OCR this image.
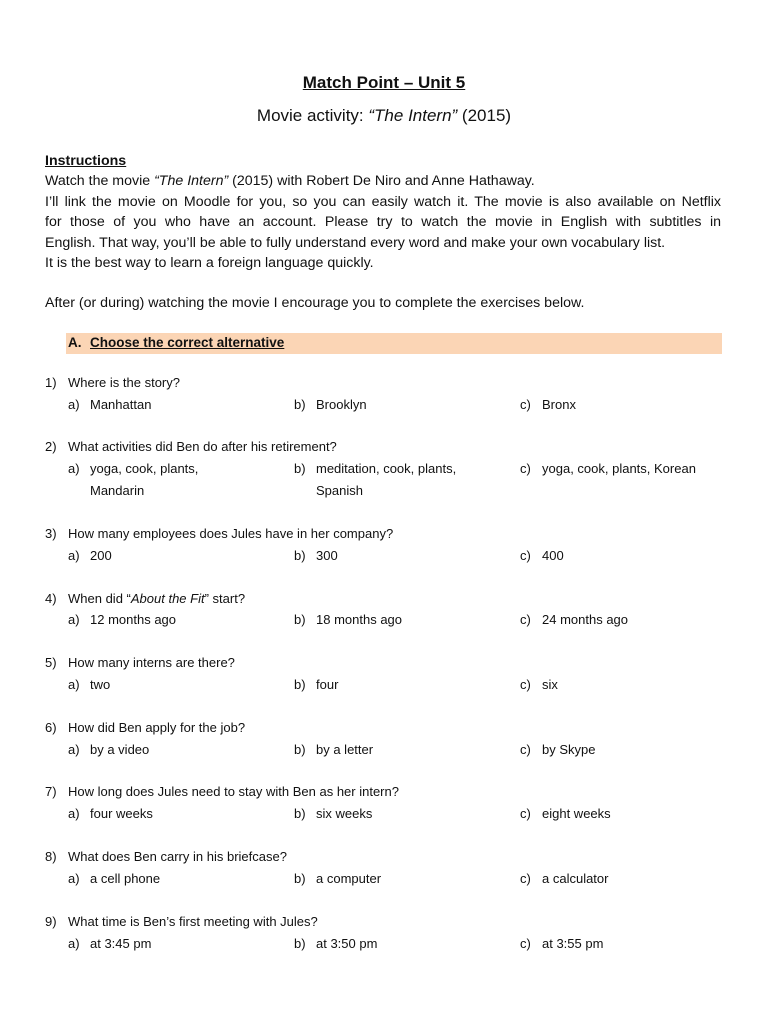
Match Point – Unit 5
Movie activity: “The Intern” (2015)
Instructions
Watch the movie “The Intern” (2015) with Robert De Niro and Anne Hathaway.
I’ll link the movie on Moodle for you, so you can easily watch it. The movie is also available on Netflix
for those of you who have an account. Please try to watch the movie in English with subtitles in
English. That way, you’ll be able to fully understand every word and make your own vocabulary list.
It is the best way to learn a foreign language quickly.
After (or during) watching the movie I encourage you to complete the exercises below.
A. Choose the correct alternative
1) Where is the story?
a) Manhattan	b) Brooklyn	c) Bronx
2) What activities did Ben do after his retirement?
a) yoga, cook, plants, Mandarin
b) meditation, cook, plants, Spanish
c) yoga, cook, plants, Korean
3) How many employees does Jules have in her company?
a) 200	b) 300	c) 400
4) When did “About the Fit” start?
a) 12 months ago	b) 18 months ago	c) 24 months ago
5) How many interns are there?
a) two	b) four	c) six
6) How did Ben apply for the job?
a) by a video	b) by a letter	c) by Skype
7) How long does Jules need to stay with Ben as her intern?
a) four weeks	b) six weeks	c) eight weeks
8) What does Ben carry in his briefcase?
a) a cell phone	b) a computer	c) a calculator
9) What time is Ben’s first meeting with Jules?
a) at 3:45 pm	b) at 3:50 pm	c) at 3:55 pm
